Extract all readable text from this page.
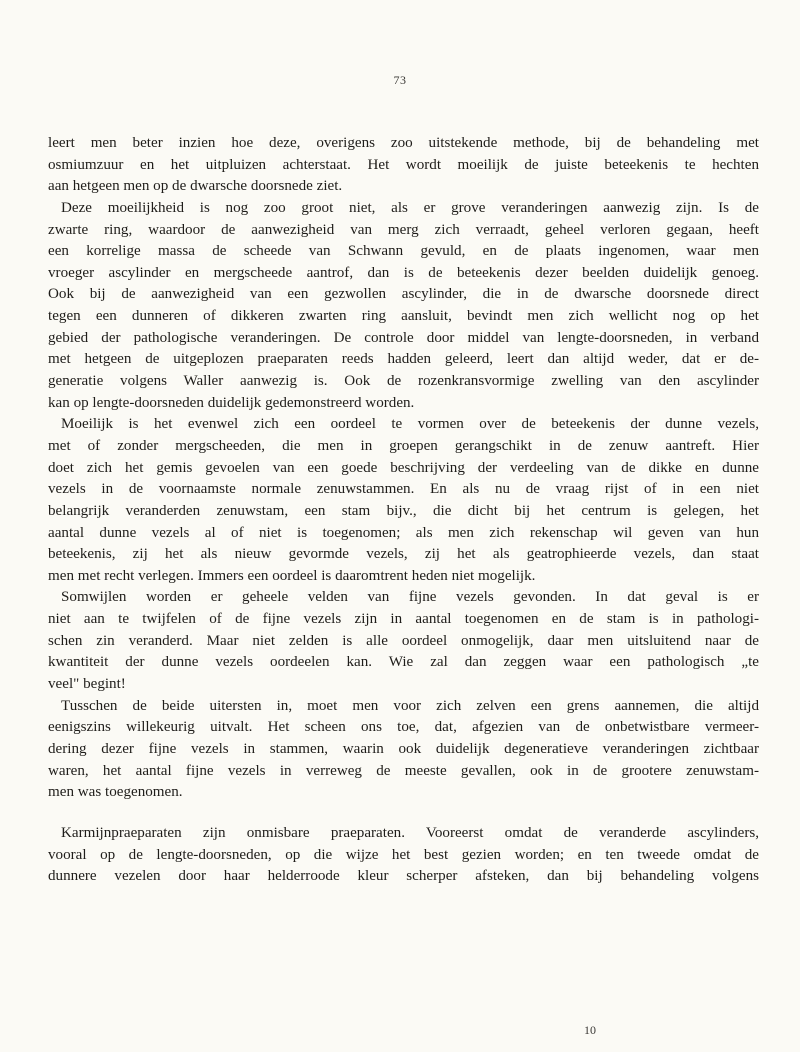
73
leert men beter inzien hoe deze, overigens zoo uitstekende methode, bij de behandeling met
osmiumzuur en het uitpluizen achterstaat. Het wordt moeilijk de juiste beteekenis te hechten
aan hetgeen men op de dwarsche doorsnede ziet.
Deze moeilijkheid is nog zoo groot niet, als er grove veranderingen aanwezig zijn. Is de
zwarte ring, waardoor de aanwezigheid van merg zich verraadt, geheel verloren gegaan, heeft
een korrelige massa de scheede van Schwann gevuld, en de plaats ingenomen, waar men
vroeger ascylinder en mergscheede aantrof, dan is de beteekenis dezer beelden duidelijk genoeg.
Ook bij de aanwezigheid van een gezwollen ascylinder, die in de dwarsche doorsnede direct
tegen een dunneren of dikkeren zwarten ring aansluit, bevindt men zich wellicht nog op het
gebied der pathologische veranderingen. De controle door middel van lengte-doorsneden, in verband
met hetgeen de uitgeplozen praeparaten reeds hadden geleerd, leert dan altijd weder, dat er de-
generatie volgens Waller aanwezig is. Ook de rozenkransvormige zwelling van den ascylinder
kan op lengte-doorsneden duidelijk gedemonstreerd worden.
Moeilijk is het evenwel zich een oordeel te vormen over de beteekenis der dunne vezels,
met of zonder mergscheeden, die men in groepen gerangschikt in de zenuw aantreft. Hier
doet zich het gemis gevoelen van een goede beschrijving der verdeeling van de dikke en dunne
vezels in de voornaamste normale zenuwstammen. En als nu de vraag rijst of in een niet
belangrijk veranderden zenuwstam, een stam bijv., die dicht bij het centrum is gelegen, het
aantal dunne vezels al of niet is toegenomen; als men zich rekenschap wil geven van hun
beteekenis, zij het als nieuw gevormde vezels, zij het als geatrophieerde vezels, dan staat
men met recht verlegen. Immers een oordeel is daaromtrent heden niet mogelijk.
Somwijlen worden er geheele velden van fijne vezels gevonden. In dat geval is er
niet aan te twijfelen of de fijne vezels zijn in aantal toegenomen en de stam is in pathologi-
schen zin veranderd. Maar niet zelden is alle oordeel onmogelijk, daar men uitsluitend naar de
kwantiteit der dunne vezels oordeelen kan. Wie zal dan zeggen waar een pathologisch „te
veel" begint!
Tusschen de beide uitersten in, moet men voor zich zelven een grens aannemen, die altijd
eenigszins willekeurig uitvalt. Het scheen ons toe, dat, afgezien van de onbetwistbare vermeer-
dering dezer fijne vezels in stammen, waarin ook duidelijk degeneratieve veranderingen zichtbaar
waren, het aantal fijne vezels in verreweg de meeste gevallen, ook in de grootere zenuwstam-
men was toegenomen.
Karmijnpraeparaten zijn onmisbare praeparaten. Vooreerst omdat de veranderde ascylinders,
vooral op de lengte-doorsneden, op die wijze het best gezien worden; en ten tweede omdat de
dunnere vezelen door haar helderroode kleur scherper afsteken, dan bij behandeling volgens
10
